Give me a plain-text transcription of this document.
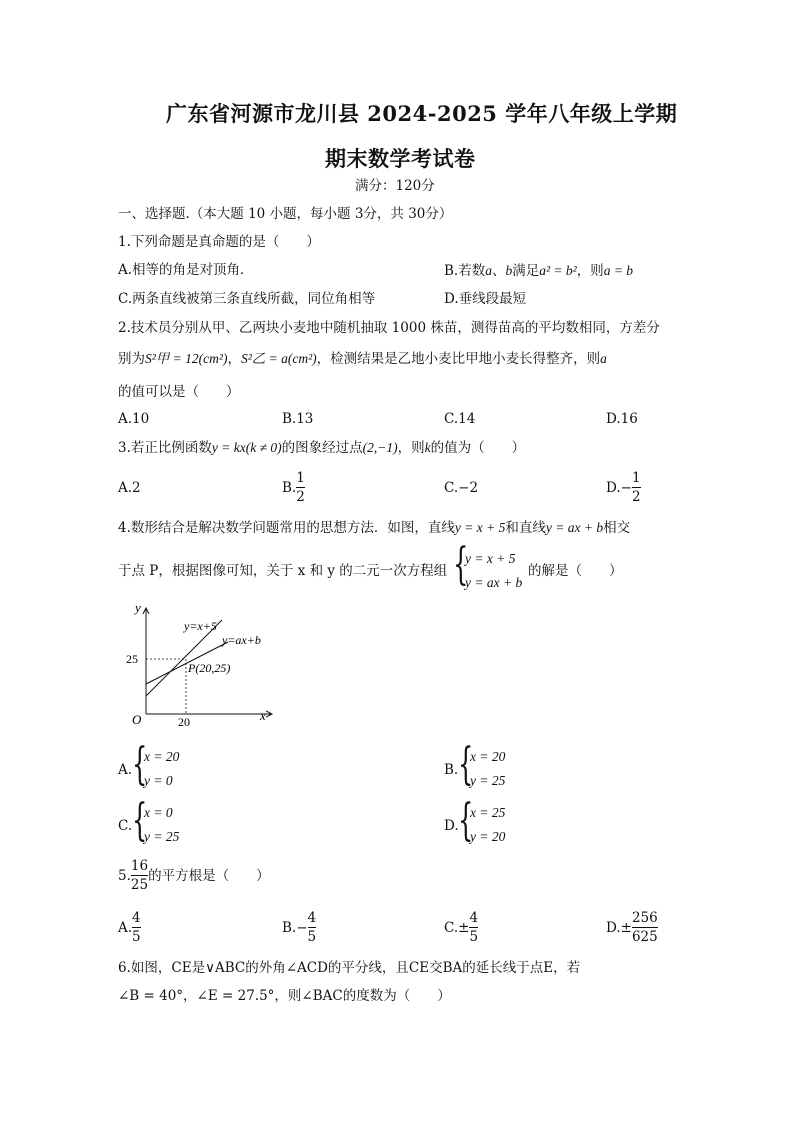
广东省河源市龙川县 2024-2025 学年八年级上学期
期末数学考试卷
满分：120分
一、选择题.（本大题 10 小题，每小题 3分，共 30分）
1.下列命题是真命题的是（　　）
A.相等的角是对顶角．	B.若数a、b满足a² = b²，则a = b
C.两条直线被第三条直线所截，同位角相等	D.垂线段最短
2.技术员分别从甲、乙两块小麦地中随机抽取 1000 株苗，测得苗高的平均数相同，方差分
别为S²甲 = 12(cm²)，S²乙 = a(cm²)，检测结果是乙地小麦比甲地小麦长得整齐，则a
的值可以是（　　）
A.10	B.13	C.14	D.16
3.若正比例函数y = kx(k ≠ 0)的图象经过点(2,−1)，则k的值为（　　）
A.2	B. $\frac{1}{2}$	C.−2	$D.- \frac{1}{2}$
4.数形结合是解决数学问题常用的思想方法．如图，直线y = x + 5和直线y = ax + b相交
于点 P，根据图像可知，关于 x 和 y 的二元一次方程组 {
y = x + 5
y = ax + b
的解是（　　）
y
x
O
y=x+5
y=ax+b
25
20
P(20,25)
A. {
x = 20
y = 0
B. {
x = 20
y = 25
C. {
x = 0
y = 25
D. {
x = 25
y = 20
5. $\frac{16}{25}$ 的平方根是（　　）
A. $\frac{4}{5}$	$B.- \frac{4}{5}$	$C.\pm \frac{4}{5}$	$D.\pm \frac{256}{625}$
6.如图，CE是∨ABC的外角∠ACD的平分线，且CE交BA的延长线于点E，若
∠B = 40°，∠E = 27.5°，则∠BAC的度数为（　　）
